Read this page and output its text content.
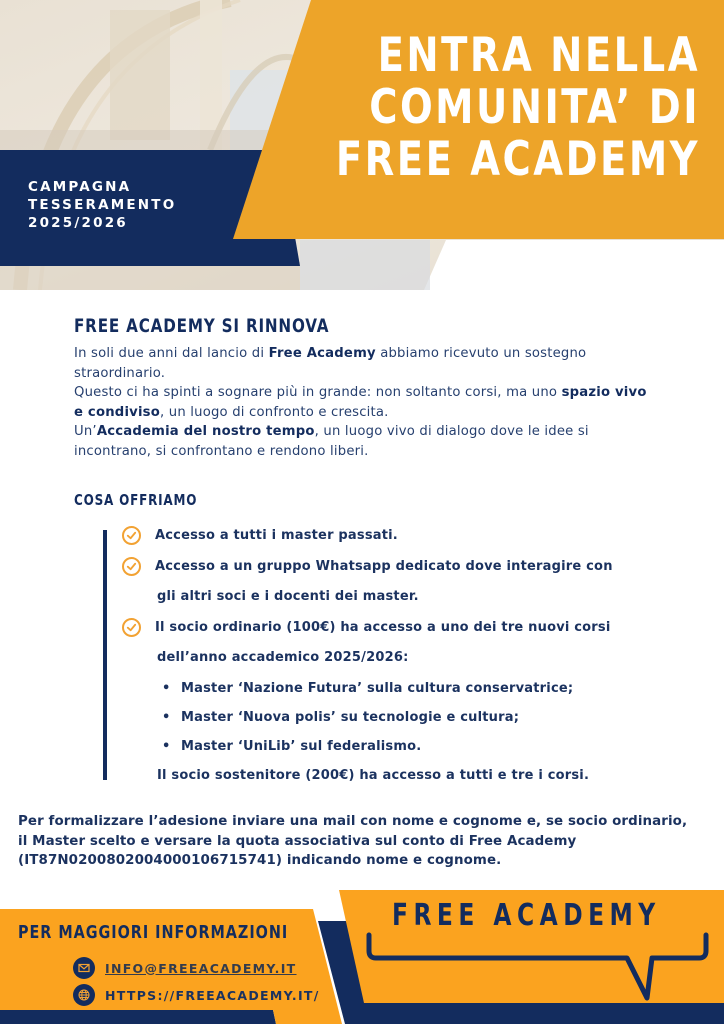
ENTRA NELLA
COMUNITA’ DI
FREE ACADEMY
CAMPAGNA
TESSERAMENTO
2025/2026
FREE ACADEMY SI RINNOVA

In soli due anni dal lancio di Free Academy abbiamo ricevuto un sostegno straordinario.

Questo ci ha spinti a sognare più in grande: non soltanto corsi, ma uno spazio vivo e condiviso, un luogo di confronto e crescita.

Un’Accademia del nostro tempo, un luogo vivo di dialogo dove le idee si incontrano, si confrontano e rendono liberi.

COSA OFFRIAMO
Accesso a tutti i master passati.
Accesso a un gruppo Whatsapp dedicato dove interagire con
gli altri soci e i docenti dei master.
Il socio ordinario (100€) ha accesso a uno dei tre nuovi corsi
dell’anno accademico 2025/2026:
• Master ‘Nazione Futura’ sulla cultura conservatrice;
• Master ‘Nuova polis’ su tecnologie e cultura;
• Master ‘UniLib’ sul federalismo.
Il socio sostenitore (200€) ha accesso a tutti e tre i corsi.
Per formalizzare l’adesione inviare una mail con nome e cognome e, se socio ordinario, il Master scelto e versare la quota associativa sul conto di Free Academy (IT87N0200802004000106715741) indicando nome e cognome.
PER MAGGIORI INFORMAZIONI
INFO@FREEACADEMY.IT
HTTPS://FREEACADEMY.IT/
FREE ACADEMY
